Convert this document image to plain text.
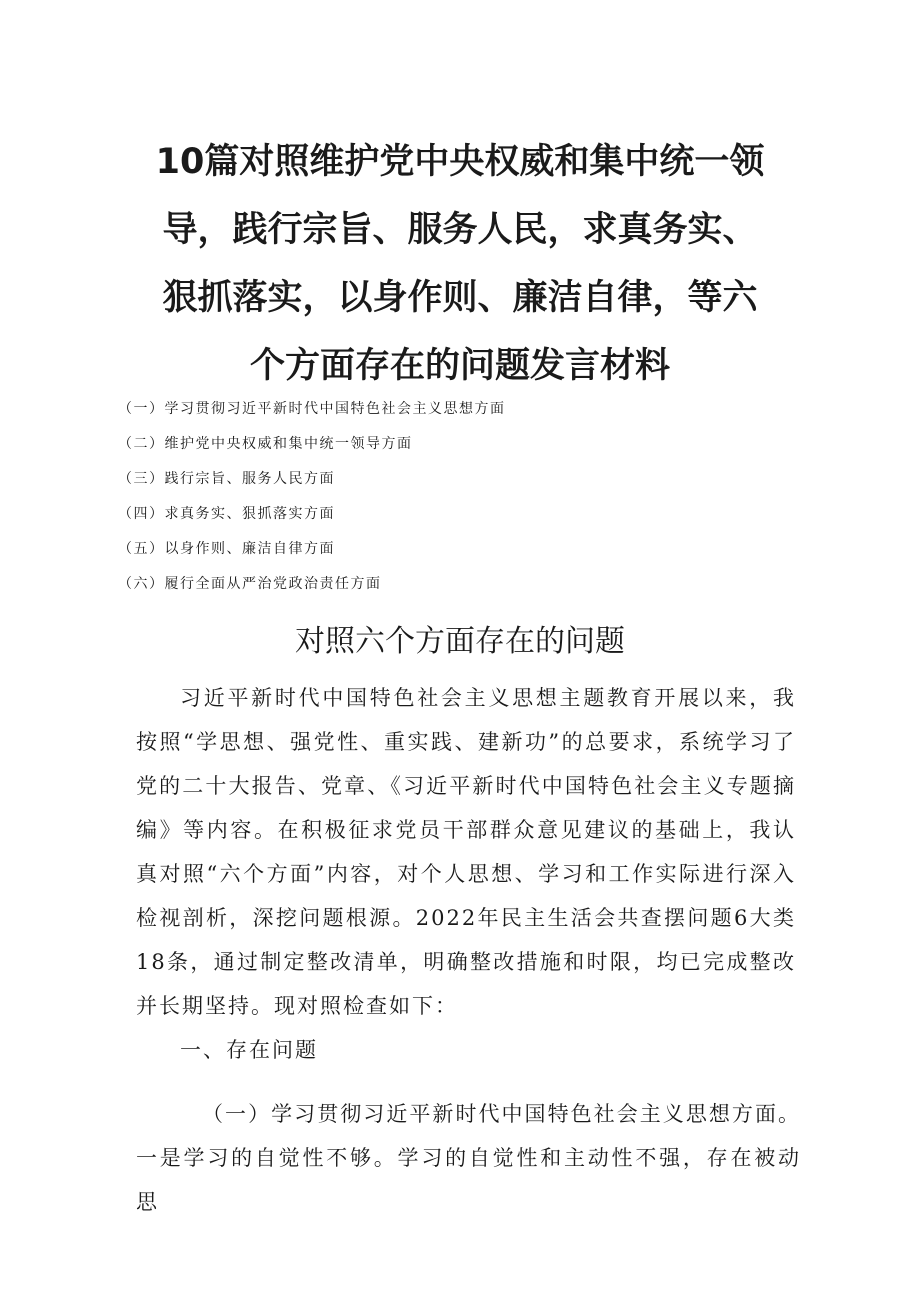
10篇对照维护党中央权威和集中统一领导，践行宗旨、服务人民，求真务实、狠抓落实，以身作则、廉洁自律，等六个方面存在的问题发言材料
（一）学习贯彻习近平新时代中国特色社会主义思想方面
（二）维护党中央权威和集中统一领导方面
（三）践行宗旨、服务人民方面
（四）求真务实、狠抓落实方面
（五）以身作则、廉洁自律方面
（六）履行全面从严治党政治责任方面
对照六个方面存在的问题

习近平新时代中国特色社会主义思想主题教育开展以来，我按照“学思想、强党性、重实践、建新功”的总要求，系统学习了党的二十大报告、党章、《习近平新时代中国特色社会主义专题摘编》等内容。在积极征求党员干部群众意见建议的基础上，我认真对照“六个方面”内容，对个人思想、学习和工作实际进行深入检视剖析，深挖问题根源。2022年民主生活会共查摆问题6大类18条，通过制定整改清单，明确整改措施和时限，均已完成整改并长期坚持。现对照检查如下：

一、存在问题

（一）学习贯彻习近平新时代中国特色社会主义思想方面。一是学习的自觉性不够。学习的自觉性和主动性不强，存在被动思
